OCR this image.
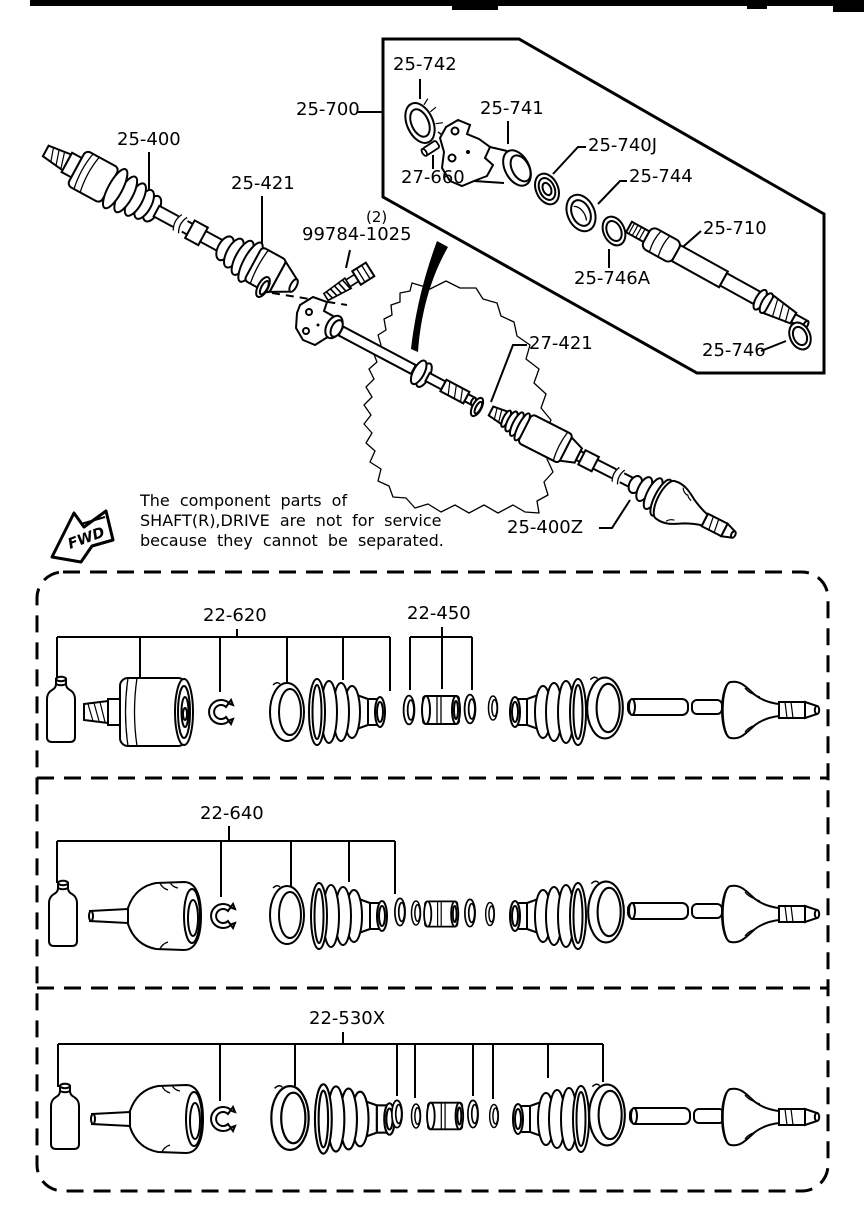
FWD
25-400
25-421
(2)
99784-1025
25-700
25-742
25-741
27-660
25-740J
25-744
25-710
25-746A
25-746
27-421
25-400Z
The component parts of
SHAFT(R),DRIVE are not for service
because they cannot be separated.
22-620	22-450
22-640
22-530X
